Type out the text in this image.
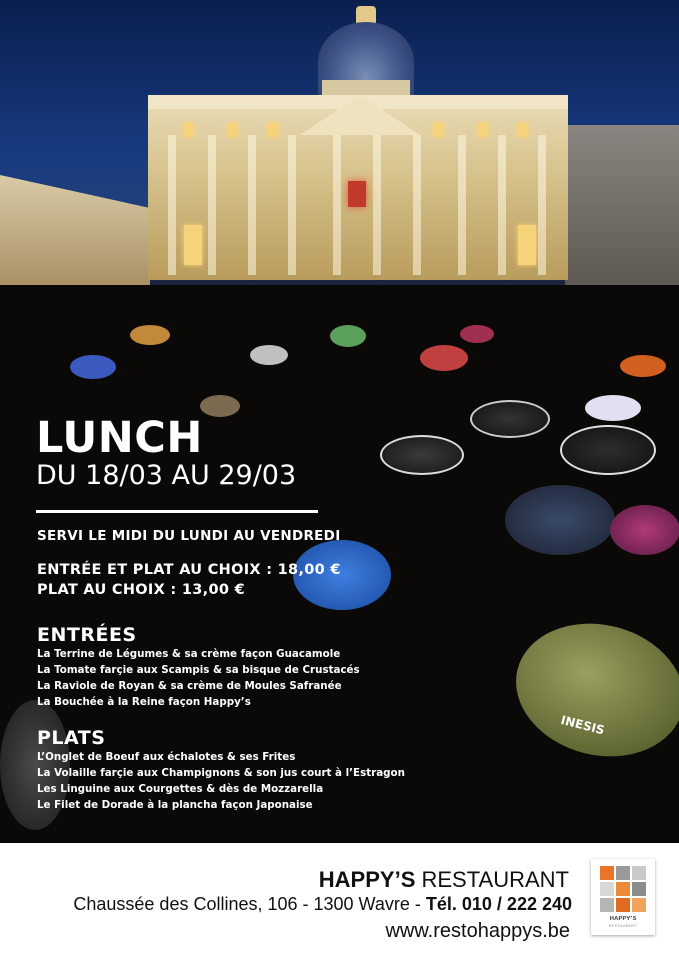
INESIS
LUNCH
DU 18/03 AU 29/03
SERVI LE MIDI DU LUNDI AU VENDREDI
ENTRÉE ET PLAT AU CHOIX : 18,00 €
PLAT AU CHOIX : 13,00 €
ENTRÉES
La Terrine de Légumes & sa crème façon Guacamole
La Tomate farçie aux Scampis & sa bisque de Crustacés
La Raviole de Royan & sa crème de Moules Safranée
La Bouchée à la Reine façon Happy’s
PLATS
L’Onglet de Boeuf aux échalotes & ses Frites
La Volaille farçie aux Champignons & son jus court à l’Estragon
Les Linguine aux Courgettes & dès de Mozzarella
Le Filet de Dorade à la plancha façon Japonaise
HAPPY’S RESTAURANT
Chaussée des Collines, 106 - 1300 Wavre - Tél. 010 / 222 240
www.restohappys.be
HAPPY’S
RESTAURANT
